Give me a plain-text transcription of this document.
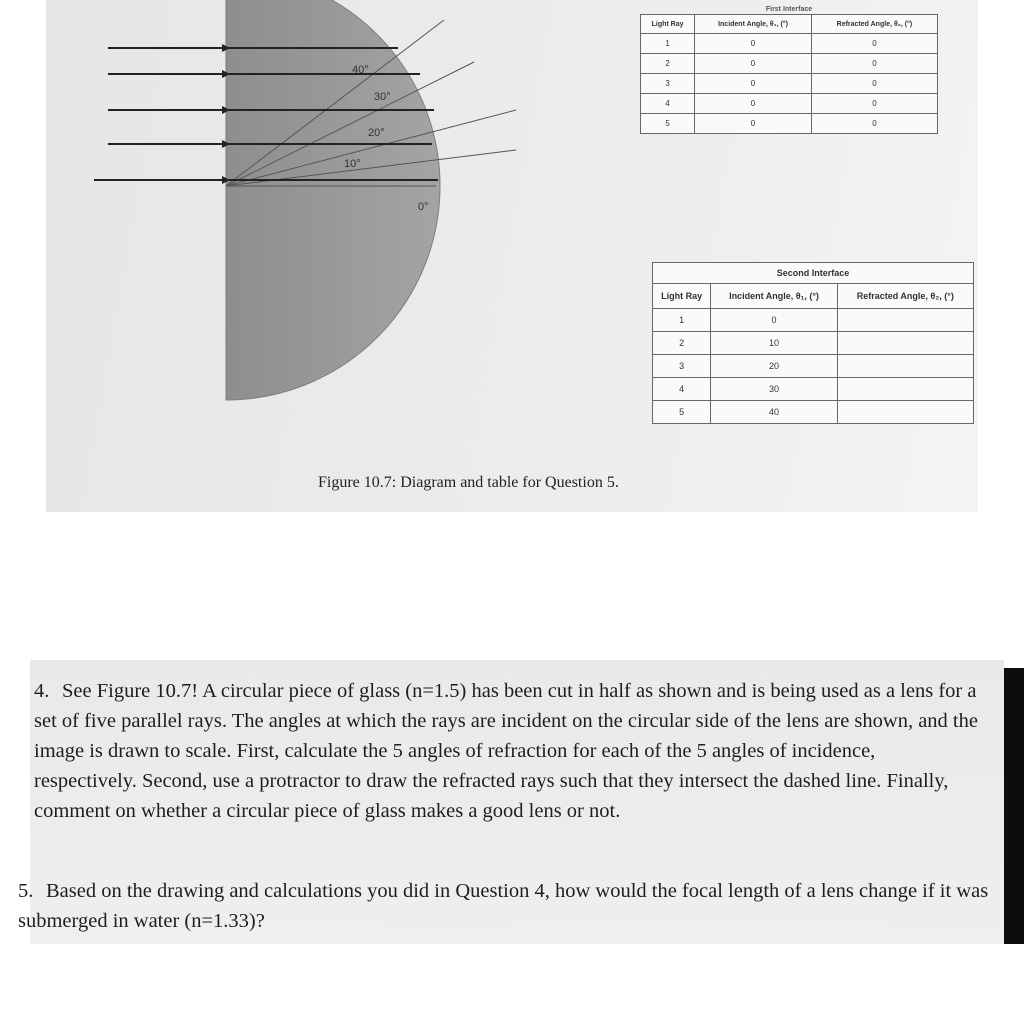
40°
30°
20°
10°
0°
First Interface
Light Ray	Incident Angle, θ₁, (°)	Refracted Angle, θ₂, (°)
1	0	0
2	0	0
3	0	0
4	0	0
5	0	0
Second Interface		
Light Ray	Incident Angle, θ₁, (°)	Refracted Angle, θ₂, (°)
1	0	
2	10	
3	20	
4	30	
5	40	
Figure 10.7: Diagram and table for Question 5.
4. See Figure 10.7! A circular piece of glass (n=1.5) has been cut in half as shown and is being used as a lens for a set of five parallel rays. The angles at which the rays are incident on the circular side of the lens are shown, and the image is drawn to scale. First, calculate the 5 angles of refraction for each of the 5 angles of incidence, respectively. Second, use a protractor to draw the refracted rays such that they intersect the dashed line. Finally, comment on whether a circular piece of glass makes a good lens or not.
5. Based on the drawing and calculations you did in Question 4, how would the focal length of a lens change if it was submerged in water (n=1.33)?
